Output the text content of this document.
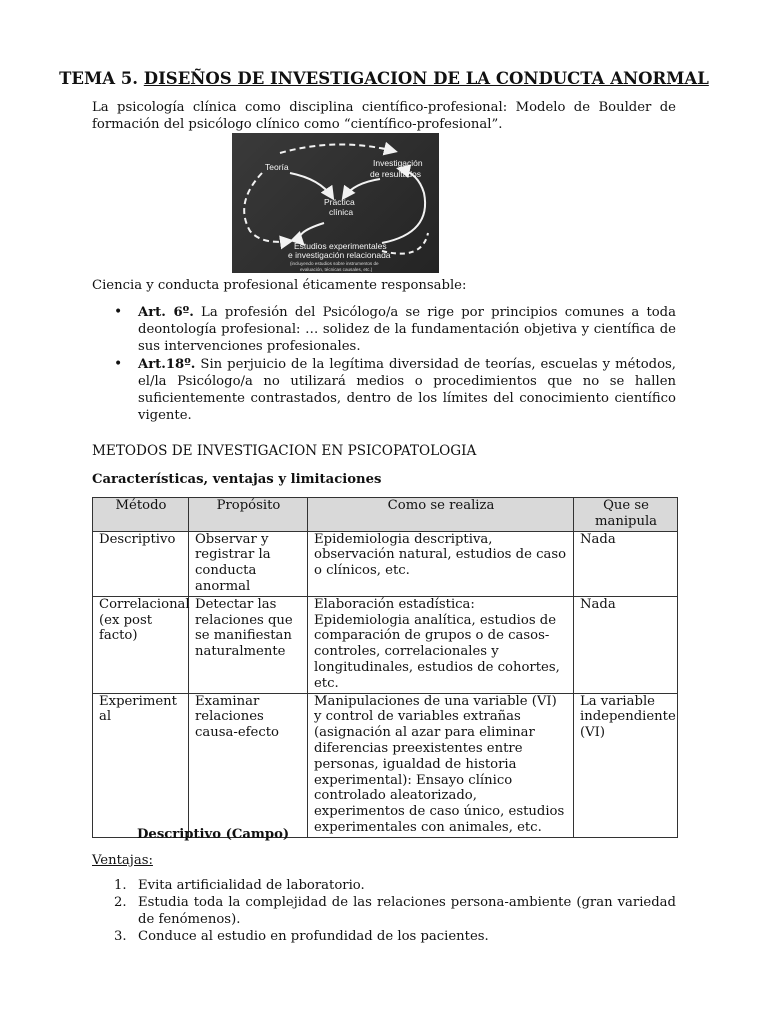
TEMA 5. DISEÑOS DE INVESTIGACION DE LA CONDUCTA ANORMAL
La psicología clínica como disciplina científico-profesional: Modelo de Boulder de formación del psicólogo clínico como “científico-profesional”.
Teoría	Investigación
de resultados
Práctica
clínica
Estudios experimentales
e investigación relacionada
(incluyendo estudios sobre instrumentos de
evaluación, técnicas causales, etc.)
Ciencia y conducta profesional éticamente responsable:
• Art. 6º. La profesión del Psicólogo/a se rige por principios comunes a toda deontología profesional: … solidez de la fundamentación objetiva y científica de sus intervenciones profesionales.
• Art.18º. Sin perjuicio de la legítima diversidad de teorías, escuelas y métodos, el/la Psicólogo/a no utilizará medios o procedimientos que no se hallen suficientemente contrastados, dentro de los límites del conocimiento científico vigente.
METODOS DE INVESTIGACION EN PSICOPATOLOGIA
Características, ventajas y limitaciones
Método	Propósito	Como se realiza	Que se manipula
Descriptivo	Observar y registrar la conducta anormal	Epidemiologia descriptiva, observación natural, estudios de caso o clínicos, etc.	Nada
Correlacional (ex post facto)	Detectar las relaciones que se manifiestan naturalmente	Elaboración estadística: Epidemiologia analítica, estudios de comparación de grupos o de casos- controles, correlacionales y longitudinales, estudios de cohortes, etc.	Nada
Experimental	Examinar relaciones causa-efecto	Manipulaciones de una variable (VI) y control de variables extrañas (asignación al azar para eliminar diferencias preexistentes entre personas, igualdad de historia experimental): Ensayo clínico controlado aleatorizado, experimentos de caso único, estudios experimentales con animales, etc.	La variable independiente (VI)
Descriptivo (Campo)
Ventajas:
1. Evita artificialidad de laboratorio.
2. Estudia toda la complejidad de las relaciones persona-ambiente (gran variedad de fenómenos).
3. Conduce al estudio en profundidad de los pacientes.
